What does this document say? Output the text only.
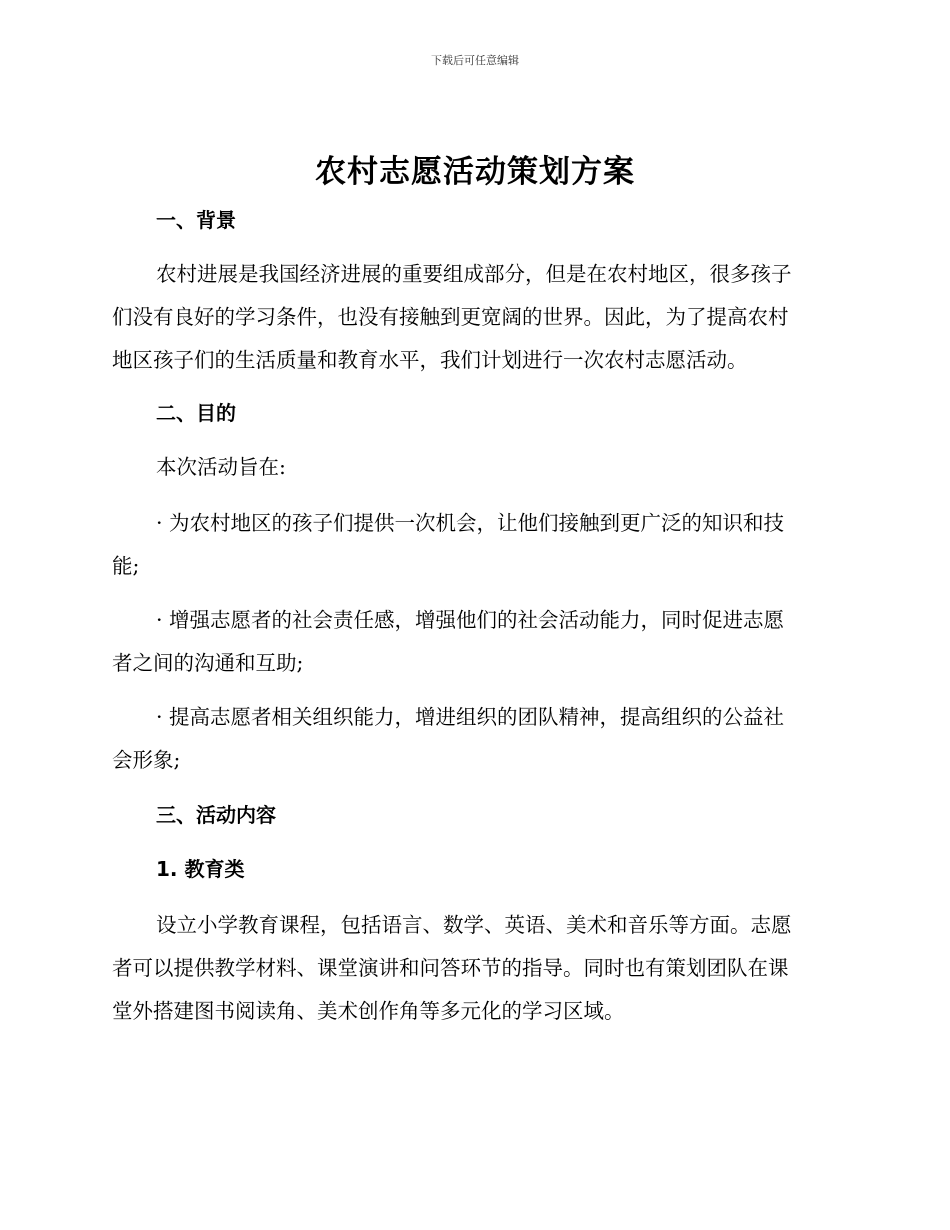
下载后可任意编辑
农村志愿活动策划方案
一、背景
农村进展是我国经济进展的重要组成部分，但是在农村地区，很多孩子
们没有良好的学习条件，也没有接触到更宽阔的世界。因此，为了提高农村
地区孩子们的生活质量和教育水平，我们计划进行一次农村志愿活动。
二、目的
本次活动旨在:
· 为农村地区的孩子们提供一次机会，让他们接触到更广泛的知识和技
能;
· 增强志愿者的社会责任感，增强他们的社会活动能力，同时促进志愿
者之间的沟通和互助;
· 提高志愿者相关组织能力，增进组织的团队精神，提高组织的公益社
会形象;
三、活动内容
1. 教育类
设立小学教育课程，包括语言、数学、英语、美术和音乐等方面。志愿
者可以提供教学材料、课堂演讲和问答环节的指导。同时也有策划团队在课
堂外搭建图书阅读角、美术创作角等多元化的学习区域。
